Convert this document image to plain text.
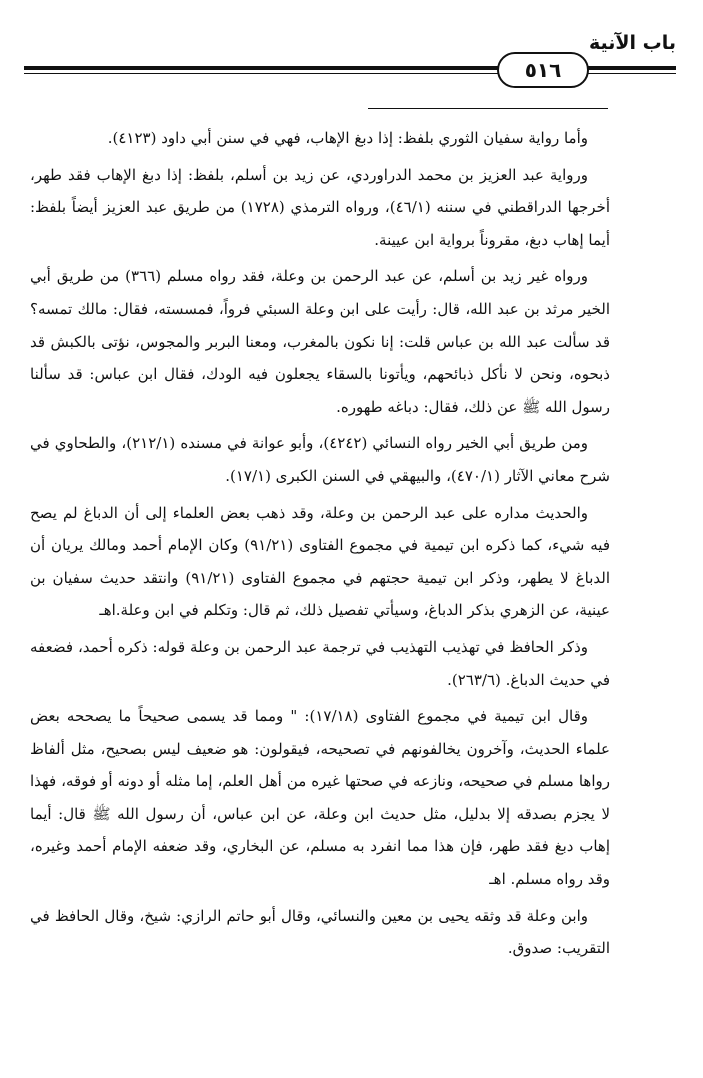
باب الآنية
٥١٦

وأما رواية سفيان الثوري بلفظ: إذا دبغ الإهاب، فهي في سنن أبي داود (٤١٢٣).

ورواية عبد العزيز بن محمد الدراوردي، عن زيد بن أسلم، بلفظ: إذا دبغ الإهاب فقد طهر، أخرجها الدراقطني في سننه (٤٦/١)، ورواه الترمذي (١٧٢٨) من طريق عبد العزيز أيضاً بلفظ: أيما إهاب دبغ، مقروناً برواية ابن عيينة.

ورواه غير زيد بن أسلم، عن عبد الرحمن بن وعلة، فقد رواه مسلم (٣٦٦) من طريق أبي الخير مرثد بن عبد الله، قال: رأيت على ابن وعلة السبئي فرواً، فمسسته، فقال: مالك تمسه؟ قد سألت عبد الله بن عباس قلت: إنا نكون بالمغرب، ومعنا البربر والمجوس، نؤتى بالكبش قد ذبحوه، ونحن لا نأكل ذبائحهم، ويأتونا بالسقاء يجعلون فيه الودك، فقال ابن عباس: قد سألنا رسول الله ﷺ عن ذلك، فقال: دباغه طهوره.

ومن طريق أبي الخير رواه النسائي (٤٢٤٢)، وأبو عوانة في مسنده (٢١٢/١)، والطحاوي في شرح معاني الآثار (٤٧٠/١)، والبيهقي في السنن الكبرى (١٧/١).

والحديث مداره على عبد الرحمن بن وعلة، وقد ذهب بعض العلماء إلى أن الدباغ لم يصح فيه شيء، كما ذكره ابن تيمية في مجموع الفتاوى (٩١/٢١) وكان الإمام أحمد ومالك يريان أن الدباغ لا يطهر، وذكر ابن تيمية حجتهم في مجموع الفتاوى (٩١/٢١) وانتقد حديث سفيان بن عينية، عن الزهري بذكر الدباغ، وسيأتي تفصيل ذلك، ثم قال: وتكلم في ابن وعلة.اهـ

وذكر الحافظ في تهذيب التهذيب في ترجمة عبد الرحمن بن وعلة قوله: ذكره أحمد، فضعفه في حديث الدباغ. (٢٦٣/٦).

وقال ابن تيمية في مجموع الفتاوى (١٧/١٨): " ومما قد يسمى صحيحاً ما يصححه بعض علماء الحديث، وآخرون يخالفونهم في تصحيحه، فيقولون: هو ضعيف ليس بصحيح، مثل ألفاظ رواها مسلم في صحيحه، ونازعه في صحتها غيره من أهل العلم، إما مثله أو دونه أو فوقه، فهذا لا يجزم بصدقه إلا بدليل، مثل حديث ابن وعلة، عن ابن عباس، أن رسول الله ﷺ قال: أيما إهاب دبغ فقد طهر، فإن هذا مما انفرد به مسلم، عن البخاري، وقد ضعفه الإمام أحمد وغيره، وقد رواه مسلم. اهـ

وابن وعلة قد وثقه يحيى بن معين والنسائي، وقال أبو حاتم الرازي: شيخ، وقال الحافظ في التقريب: صدوق.
